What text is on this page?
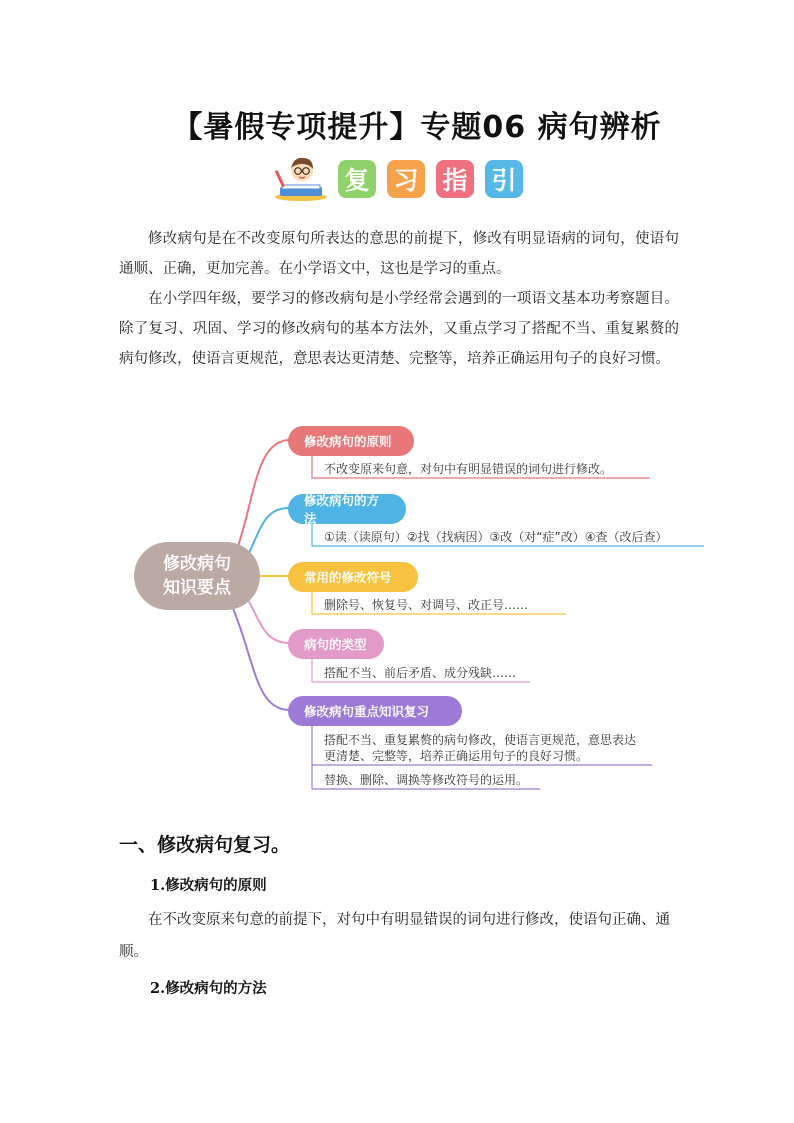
【暑假专项提升】专题06 病句辨析
复 习 指 引

修改病句是在不改变原句所表达的意思的前提下，修改有明显语病的词句，使语句通顺、正确，更加完善。在小学语文中，这也是学习的重点。

在小学四年级，要学习的修改病句是小学经常会遇到的一项语文基本功考察题目。除了复习、巩固、学习的修改病句的基本方法外，又重点学习了搭配不当、重复累赘的病句修改，使语言更规范，意思表达更清楚、完整等，培养正确运用句子的良好习惯。

修改病句
知识要点
修改病句的原则
不改变原来句意，对句中有明显错误的词句进行修改。
修改病句的方法
①读（读原句）②找（找病因）③改（对“症”改）④查（改后查）
常用的修改符号
删除号、恢复号、对调号、改正号……
病句的类型
搭配不当、前后矛盾、成分残缺……
修改病句重点知识复习
搭配不当、重复累赘的病句修改，使语言更规范，意思表达
更清楚、完整等，培养正确运用句子的良好习惯。
替换、删除、调换等修改符号的运用。
一、修改病句复习。
1.修改病句的原则

在不改变原来句意的前提下，对句中有明显错误的词句进行修改，使语句正确、通顺。

2.修改病句的方法
